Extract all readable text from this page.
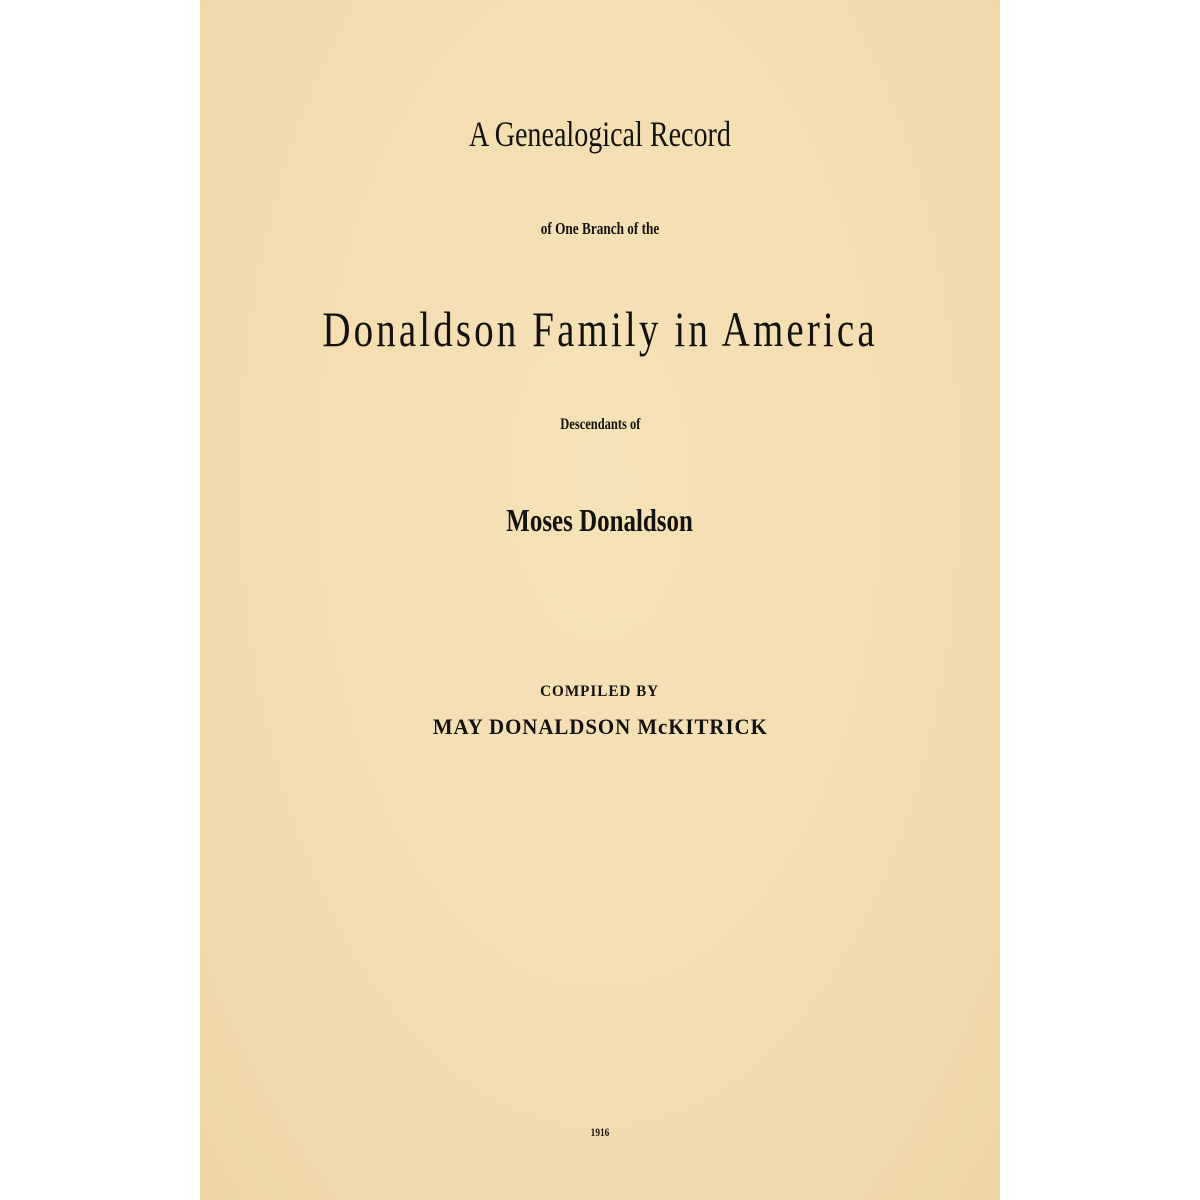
A Genealogical Record
of One Branch of the
Donaldson Family in America
Descendants of
Moses Donaldson
COMPILED BY
MAY DONALDSON McKITRICK
1916
